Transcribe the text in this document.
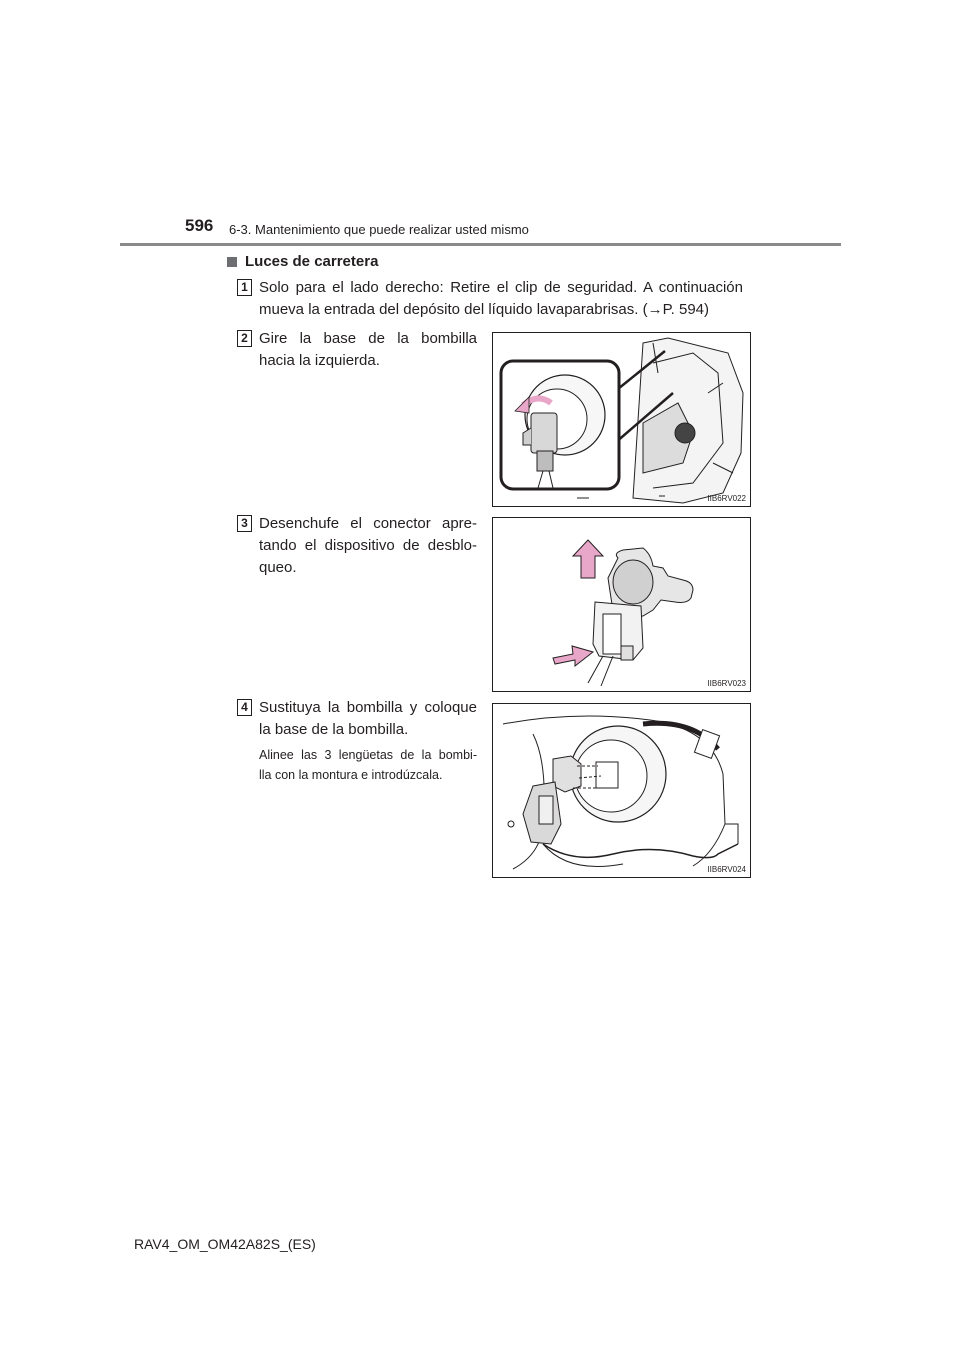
596 6-3. Mantenimiento que puede realizar usted mismo
Luces de carretera
1 Solo para el lado derecho: Retire el clip de seguridad. A continuación
mueva la entrada del depósito del líquido lavaparabrisas. (→P. 594)
2 Gire la base de la bombilla
hacia la izquierda.
IIB6RV022
3 Desenchufe el conector apre-
tando el dispositivo de desblo-
queo.
IIB6RV023
4 Sustituya la bombilla y coloque
la base de la bombilla.
Alinee las 3 lengüetas de la bombi-
lla con la montura e introdúzcala.
IIB6RV024
RAV4_OM_OM42A82S_(ES)
